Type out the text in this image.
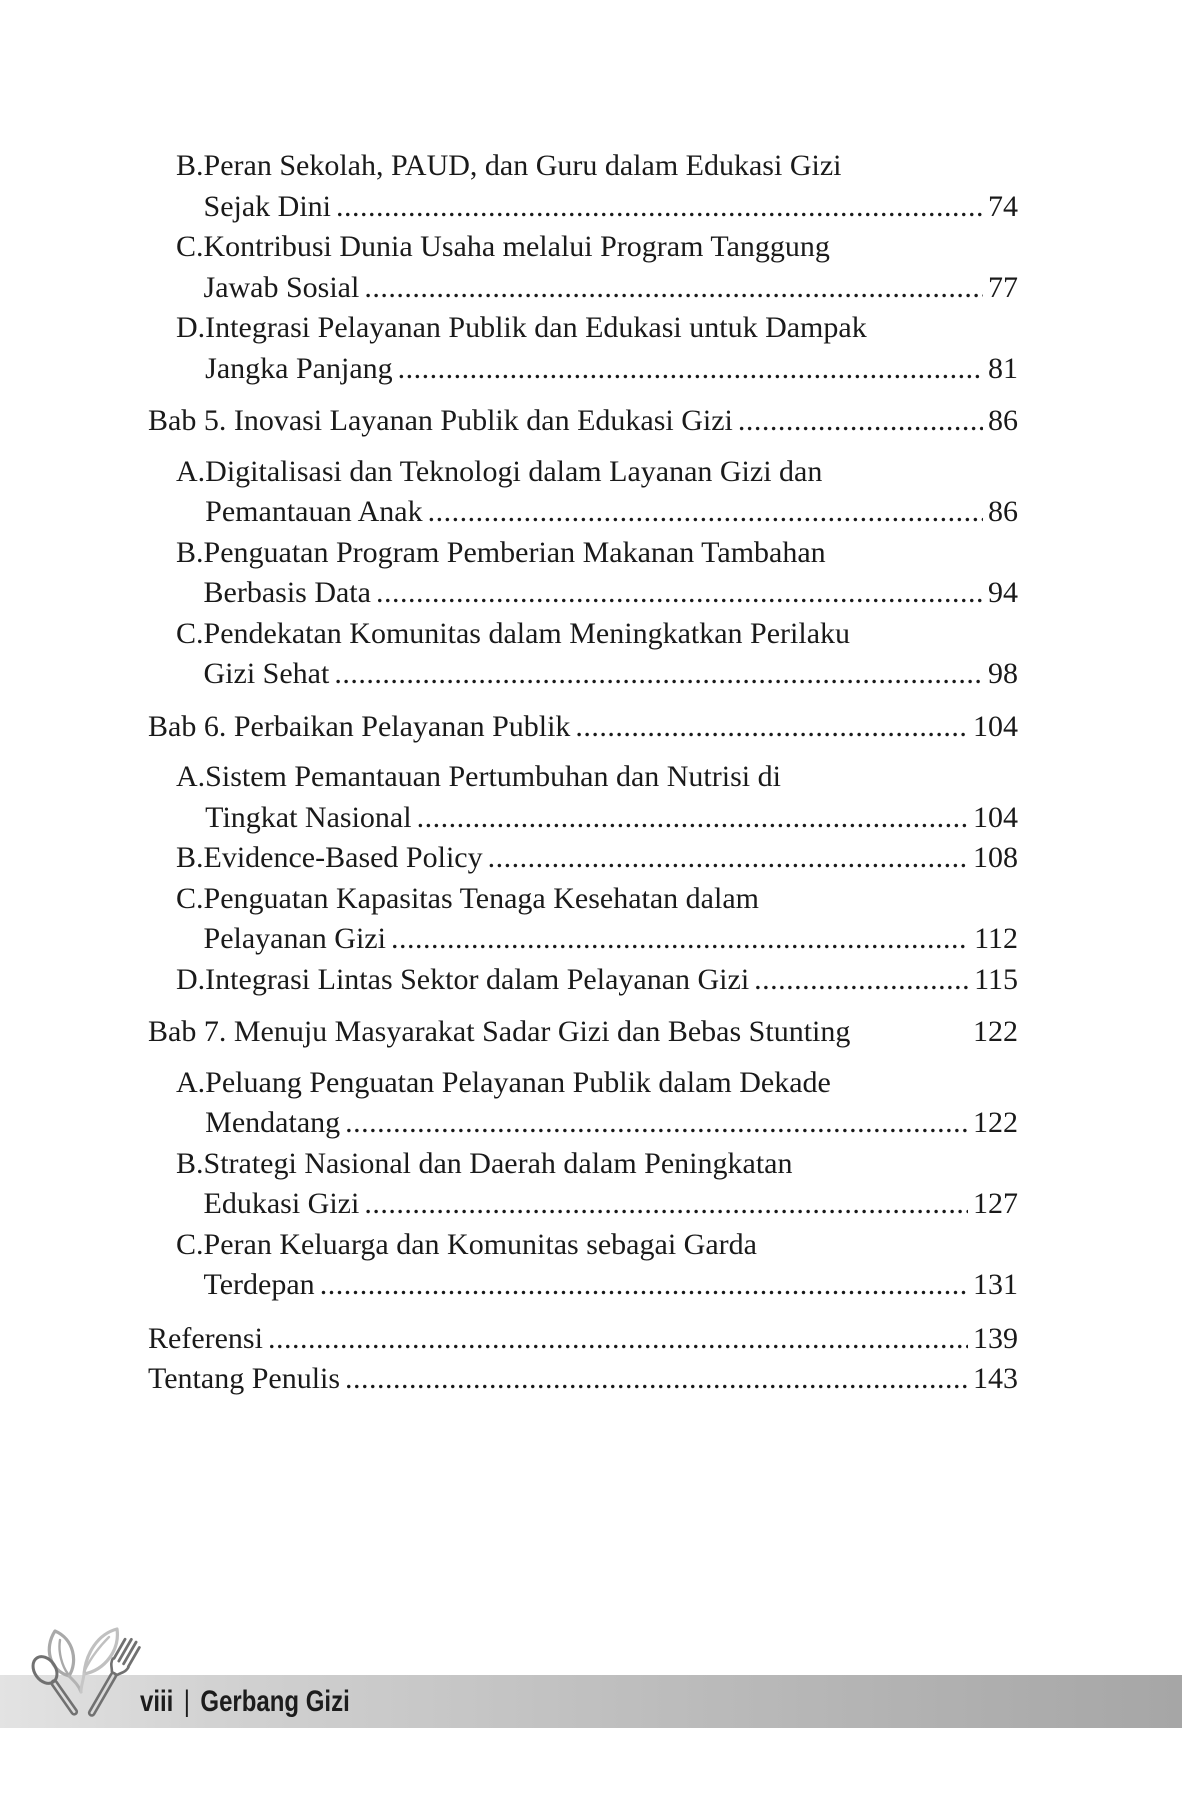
B. Peran Sekolah, PAUD, dan Guru dalam Edukasi Gizi
Sejak Dini .....	74
C. Kontribusi Dunia Usaha melalui Program Tanggung
Jawab Sosial .....	77
D. Integrasi Pelayanan Publik dan Edukasi untuk Dampak
Jangka Panjang .....	81
Bab 5. Inovasi Layanan Publik dan Edukasi Gizi .....	86
A. Digitalisasi dan Teknologi dalam Layanan Gizi dan
Pemantauan Anak .....	86
B. Penguatan Program Pemberian Makanan Tambahan
Berbasis Data .....	94
C. Pendekatan Komunitas dalam Meningkatkan Perilaku
Gizi Sehat .....	98
Bab 6. Perbaikan Pelayanan Publik .....	104
A. Sistem Pemantauan Pertumbuhan dan Nutrisi di
Tingkat Nasional .....	104
B. Evidence-Based Policy .....	108
C. Penguatan Kapasitas Tenaga Kesehatan dalam
Pelayanan Gizi .....	112
D. Integrasi Lintas Sektor dalam Pelayanan Gizi .....	115
Bab 7. Menuju Masyarakat Sadar Gizi dan Bebas Stunting	122
A. Peluang Penguatan Pelayanan Publik dalam Dekade
Mendatang .....	122
B. Strategi Nasional dan Daerah dalam Peningkatan
Edukasi Gizi .....	127
C. Peran Keluarga dan Komunitas sebagai Garda
Terdepan .....	131
Referensi .....	139
Tentang Penulis .....	143
viii | Gerbang Gizi
